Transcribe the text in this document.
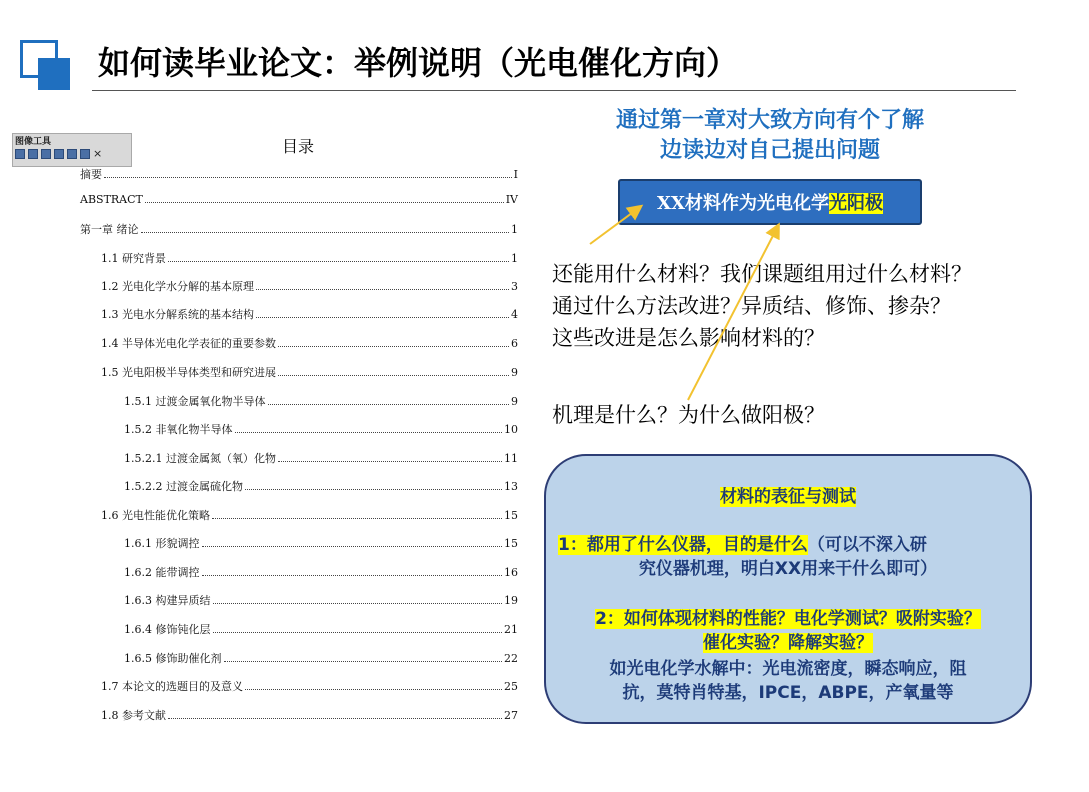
如何读毕业论文：举例说明（光电催化方向）
图像工具
×	目录
摘要	I
ABSTRACT	IV
第一章 绪论	1
1.1 研究背景	1
1.2 光电化学水分解的基本原理	3
1.3 光电水分解系统的基本结构	4
1.4 半导体光电化学表征的重要参数	6
1.5 光电阳极半导体类型和研究进展	9
1.5.1 过渡金属氧化物半导体	9
1.5.2 非氧化物半导体	10
1.5.2.1 过渡金属氮（氧）化物	11
1.5.2.2 过渡金属硫化物	13
1.6 光电性能优化策略	15
1.6.1 形貌调控	15
1.6.2 能带调控	16
1.6.3 构建异质结	19
1.6.4 修饰钝化层	21
1.6.5 修饰助催化剂	22
1.7 本论文的选题目的及意义	25
1.8 参考文献	27
通过第一章对大致方向有个了解
边读边对自己提出问题
XX材料作为光电化学光阳极
还能用什么材料？我们课题组用过什么材料？
通过什么方法改进？异质结、修饰、掺杂？
这些改进是怎么影响材料的？
机理是什么？为什么做阳极？
材料的表征与测试
1：都用了什么仪器，目的是什么（可以不深入研
究仪器机理，明白XX用来干什么即可）
2：如何体现材料的性能？电化学测试？吸附实验？
催化实验？降解实验？
如光电化学水解中：光电流密度，瞬态响应，阻
抗，莫特肖特基，IPCE，ABPE，产氧量等
